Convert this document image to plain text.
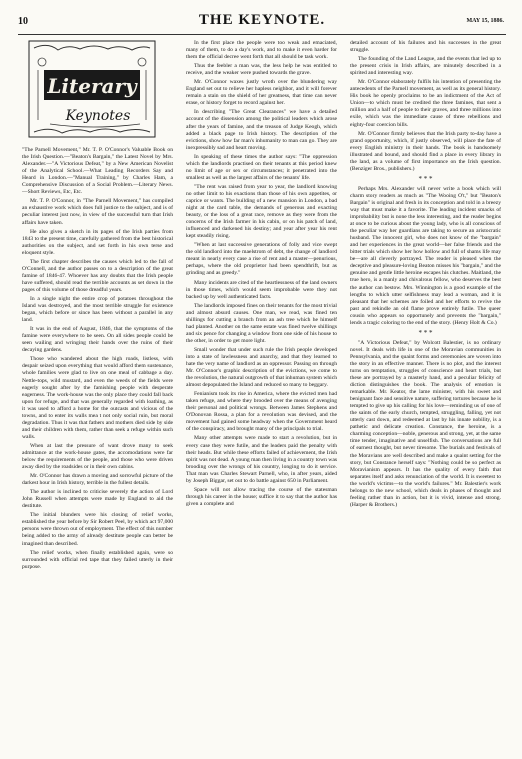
10	THE KEYNOTE.	MAY 15, 1886.
Literary
Keynotes

"The Parnell Movement," Mr. T. P. O'Connor's Valuable Book on the Irish Question.—"Beaton's Bargain," the Latest Novel by Mrs. Alexander.—"A Victorious Defeat," by a New American Novelist of the Analytical School.—What Leading Recorders Say and Heard in London.—"Manual Training," by Charles Ham, a Comprehensive Discussion of a Social Problem.—Literary News.—Short Reviews, Etc, Etc.

Mr. T. P. O'Connor, in "The Parnell Movement," has compiled an exhaustive work which does full justice to the subject, and is of peculiar interest just now, in view of the successful turn that Irish affairs have taken.

He also gives a sketch in its pages of the Irish parties from 1843 to the present time, carefully gathered from the best historical authorities on the subject, and set forth in his own terse and eloquent style.

The first chapter describes the causes which led to the fall of O'Connell, and the author passes on to a description of the great famine of 1846-47. Whoever has any doubts that the Irish people have suffered, should read the terrible accounts as set down in the pages of this volume of those dreadful years.

In a single night the entire crop of potatoes throughout the Island was destroyed, and the most terrible struggle for existence began, which before or since has been without a parallel in any land.

It was in the end of August, 1846, that the symptoms of the famine were everywhere to be seen. On all sides people could be seen wailing and wringing their hands over the ruins of their decaying gardens.

Those who wandered about the high roads, listless, with despair seized upon everything that would afford them sustenance, whole families were glad to live on one meal of cabbage a day. Nettle-tops, wild mustard, and even the weeds of the fields were eagerly sought after by the famishing people with desperate eagerness. The work-house was the only place they could fall back upon for refuge, and that was generally regarded with loathing, as it was used to afford a home for the outcasts and vicious of the towns, and to enter its walls mea t not only social ruin, but moral degradation. Thus it was that fathers and mothers died side by side and their children with them, rather than seek a refuge within such walls.

When at last the pressure of want drove many to seek admittance at the work-house gates, the accomodations were far below the requirements of the people, and those who were driven away died by the roadsides or in their own cabins.

Mr. O'Connor has drawn a moving and sorrowful picture of the darkest hour in Irish history, terrible in the fullest details.

The author is inclined to criticise severely the action of Lord John Russell when attempts were made by England to aid the destitute.

The initial blunders were his closing of relief works, established the year before by Sir Robert Peel, by which act 97,000 persons were thrown out of employment. The effect of this number being added to the army of already destitute people can better be imagined than described.

The relief works, when finally established again, were so surrounded with official red tape that they failed utterly in their purpose.

In the first place the people were too weak and emaciated, many of them, to do a day's work, and to make it even harder for them the official decree went forth that all should be task work.

Thus the feebler a man was, the less help he was entitled to receive, and the weaker were pushed towards the grave.

Mr. O'Connor waxes justly wroth over the blundering way England set out to relieve her hapless neighbor, and it will forever remain a stain on the shield of her greatness, that time can never erase, or history forget to record against her.

In describing "The Great Clearances" we have a detailed account of the dissension among the political leaders which arose after the years of famine, and the treason of Judge Keogh, which added a black page to Irish history. The description of the evictions, show how far man's inhumanity to man can go. They are inexpressibly sad and heart moving.

In speaking of these times the author says: "The oppression which the landlords practised on their tenants at this period knew no limit of age or sex or circumstances; it penetrated into the smallest as well as the largest affairs of the tenants' life.

"The rent was raised from year to year, the landlord knowing no other limit to his exactions than those of his own appetites, or caprice or wants. The building of a new mansion in London, a bad night at the card table, the demands of generous and exacting beauty, or the loss of a great race, remove as they were from the concerns of the Irish farmer in his cabin, or on his patch of land, influenced and darkened his destiny; and year after year his rent kept steadily rising.

"When at last successive generations of folly and vice swept the old landlord into the maelstrom of debt, the change of landlord meant in nearly every case a rise of rent and a master—penurious, perhaps, where the old proprietor had been spendthrift, but as grinding and as greedy."

Many incidents are cited of the heartlessness of the land owners in those times, which would seem improbable were they not backed up by well authenticated facts.

The landlords imposed fines on their tenants for the most trivial and almost absurd causes. One man, we read, was fined ten shillings for cutting a branch from an ash tree which he himself had planted. Another on the same estate was fined twelve shillings and six pence for changing a window from one side of his house to the other, in order to get more light.

Small wonder that under such rule the Irish people developed into a state of lawlessness and anarchy, and that they learned to hate the very name of landlord as an oppressor. Passing on through Mr. O'Connor's graphic description of the evictions, we come to the revolution, the natural outgrowth of that inhuman system which almost depopulated the Island and reduced so many to beggary.

Fenianism took its rise in America, where the evicted men had taken refuge, and where they brooded over the means of avenging their personal and political wrongs. Between James Stephens and O'Donovan Rossa, a plan for a revolution was devised, and the movement had gained some headway when the Government heard of the conspiracy, and brought many of the principals to trial.

Many other attempts were made to start a revolution, but in every case they were futile, and the leaders paid the penalty with their heads. But while these efforts failed of achievement, the Irish spirit was not dead. A young man then living in a country town was brooding over the wrongs of his country, longing to do it service. That man was Charles Stewart Parnell, who, in after years, aided by Joseph Biggar, set out to do battle against 650 in Parliament.

Space will not allow tracing the course of the statesman through his career in the house; suffice it to say that the author has given a complete and

detailed account of his failures and his successes in the great struggle.

The founding of the Land League, and the events that led up to the present crisis in Irish affairs, are minutely described in a spirited and interesting way.

Mr. O'Connor elaborately fulfils his intention of presenting the antecedents of the Parnell movement, as well as its general history. His book he openly proclaims to be an indictment of the Act of Union—to which must be credited the three famines, that sent a million and a half of people to their graves, and three millions into exile, which was the immediate cause of three rebellions and eighty-four coercion bills.

Mr. O'Connor firmly believes that the Irish party to-day have a grand opportunity, which, if justly observed, will place the fate of every English ministry in their hands. The book is handsomely illustrated and bound, and should find a place in every library in the land, as a volume of first importance on the Irish question. (Benziger Bros., publishers.)

* * *

Perhaps Mrs. Alexander will never write a book which will charm story readers as much as "The Wooing O't," but "Beaton's Bargain" is original and fresh in its conception and told in a breezy way that must make it a favorite. The leading incident smacks of improbability but is none the less interesting, and the reader begins at once to be curious about the young lady, who is all conscious of the peculiar way her guardians are taking to secure an aristocratic husband. The innocent girl, who does not know of the "bargain" and her experiences in the great world—her false friends and the bitter trials which show her how hollow and full of shams life may be—are all cleverly portrayed. The reader is pleased when the deceptive and pleasure-loving Beaton misses his "bargain," and the genuine and gentle little heroine escapes his clutches. Maitland, the true hero, is a manly and chivalrous fellow, who deserves the best the author can bestow. Mrs. Winnington is a good example of the lengths to which utter selfishness may lead a woman, and it is pleasant that her schemes are foiled and her efforts to revive the past and rekindle an old flame prove entirely futile. The queer cousin who appears so opportunely and prevents the "bargain," lends a tragic coloring to the end of the story. (Henry Holt & Co.)

* * *

"A Victorious Defeat," by Wolcott Balestier, is no ordinary novel. It deals with life in one of the Moravian communities in Pennsylvania, and the quaint forms and ceremonies are woven into the story in an effective manner. There is no plot, and the interest turns on temptation, struggles of conscience and heart trials, but these are portrayed by a masterly hand, and a peculiar felicity of diction distinguishes the book. The analysis of emotion is remarkable. Mr. Keator, the lame minister, with his sweet and benignant face and sensitive nature, suffering tortures because he is tempted to give up his calling for his love—reminding us of one of the saints of the early church, tempted, struggling, falling, yet not utterly cast down, and redeemed at last by his innate nobility, is a pathetic and delicate creation. Constance, the heroine, is a charming conception—noble, generous and strong, yet, at the same time tender, imaginative and unselfish. The conversations are full of earnest thought, but never tiresome. The burials and festivals of the Moravians are well described and make a quaint setting for the story, but Constance herself says: "Nothing could be so perfect as Moravianism appears. It has the quality of every faith that separates itself and asks renunciation of the world. It is sweetest to the world's victims—to the world's failures." Mr. Balestier's work belongs to the new school, which deals in phases of thought and feeling rather than in action, but it is vivid, intense and strong. (Harper & Brothers.)
